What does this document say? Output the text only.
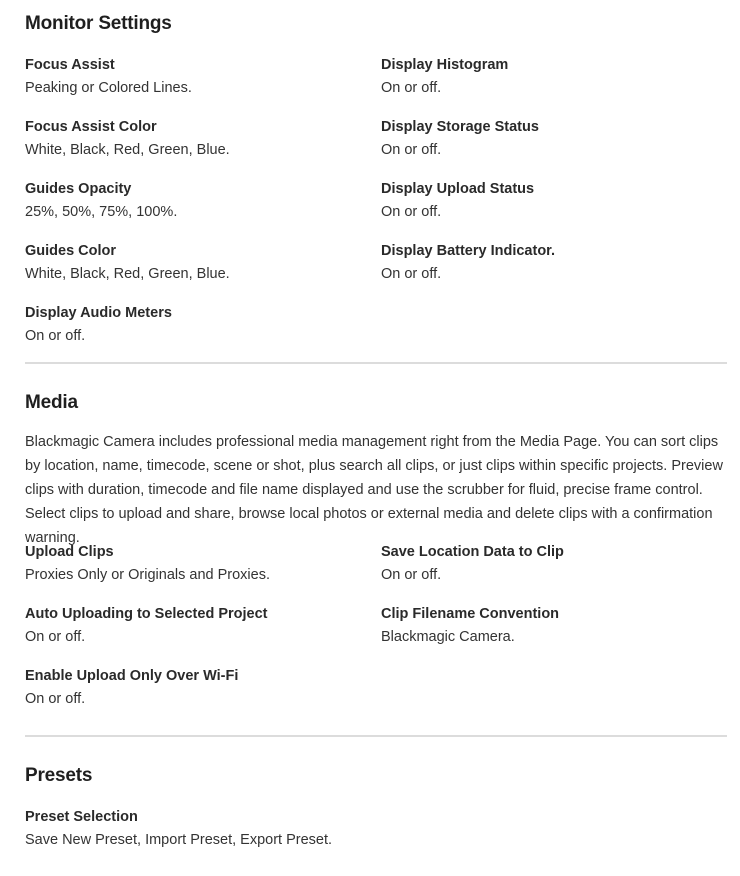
Monitor Settings
Focus Assist
Peaking or Colored Lines.
Display Histogram
On or off.
Focus Assist Color
White, Black, Red, Green, Blue.
Display Storage Status
On or off.
Guides Opacity
25%, 50%, 75%, 100%.
Display Upload Status
On or off.
Guides Color
White, Black, Red, Green, Blue.
Display Battery Indicator.
On or off.
Display Audio Meters
On or off.
Media

Blackmagic Camera includes professional media management right from the Media Page. You can sort clips by location, name, timecode, scene or shot, plus search all clips, or just clips within specific projects. Preview clips with duration, timecode and file name displayed and use the scrubber for fluid, precise frame control. Select clips to upload and share, browse local photos or external media and delete clips with a confirmation warning.

Upload Clips
Proxies Only or Originals and Proxies.
Save Location Data to Clip
On or off.
Auto Uploading to Selected Project
On or off.
Clip Filename Convention
Blackmagic Camera.
Enable Upload Only Over Wi-Fi
On or off.
Presets
Preset Selection
Save New Preset, Import Preset, Export Preset.
